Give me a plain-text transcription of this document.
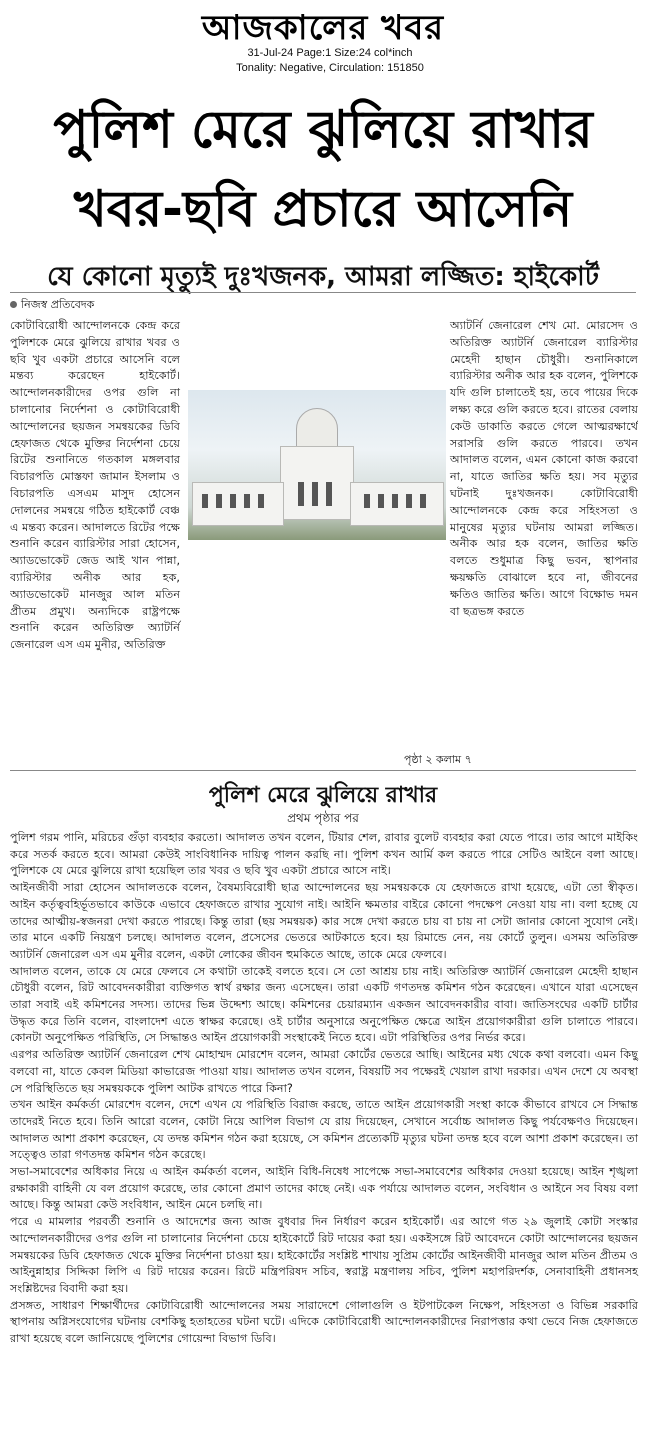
আজকালের খবর
31-Jul-24 Page:1 Size:24 col*inch
Tonality: Negative, Circulation: 151850
পুলিশ মেরে ঝুলিয়ে রাখার
খবর-ছবি প্রচারে আসেনি
যে কোনো মৃত্যুই দুঃখজনক, আমরা লজ্জিত: হাইকোর্ট
নিজস্ব প্রতিবেদক
কোটাবিরোধী আন্দোলনকে কেন্দ্র করে পুলিশকে মেরে ঝুলিয়ে রাখার খবর ও ছবি খুব একটা প্রচারে আসেনি বলে মন্তব্য করেছেন হাইকোর্ট। আন্দোলনকারীদের ওপর গুলি না চালানোর নির্দেশনা ও কোটাবিরোধী আন্দোলনের ছয়জন সমন্বয়কের ডিবি হেফাজত থেকে মুক্তির নির্দেশনা চেয়ে রিটের শুনানিতে গতকাল মঙ্গলবার বিচারপতি মোস্তফা জামান ইসলাম ও বিচারপতি এসএম মাসুদ হোসেন দোলনের সমন্বয়ে গঠিত হাইকোর্ট বেঞ্চ এ মন্তব্য করেন। আদালতে রিটের পক্ষে শুনানি করেন ব্যারিস্টার সারা হোসেন, অ্যাডভোকেট জেড আই খান পান্না, ব্যারিস্টার অনীক আর হক, অ্যাডভোকেট মানজুর আল মতিন প্রীতম প্রমুখ। অন্যদিকে রাষ্ট্রপক্ষে শুনানি করেন অতিরিক্ত অ্যাটর্নি জেনারেল এস এম মুনীর, অতিরিক্ত
অ্যাটর্নি জেনারেল শেখ মো. মোরসেদ ও অতিরিক্ত অ্যাটর্নি জেনারেল ব্যারিস্টার মেহেদী হাছান চৌধুরী। শুনানিকালে ব্যারিস্টার অনীক আর হক বলেন, পুলিশকে যদি গুলি চালাতেই হয়, তবে পায়ের দিকে লক্ষ্য করে গুলি করতে হবে। রাতের বেলায় কেউ ডাকাতি করতে গেলে আত্মরক্ষার্থে সরাসরি গুলি করতে পারবে। তখন আদালত বলেন, এমন কোনো কাজ করবো না, যাতে জাতির ক্ষতি হয়। সব মৃত্যুর ঘটনাই দুঃখজনক। কোটাবিরোধী আন্দোলনকে কেন্দ্র করে সহিংসতা ও মানুষের মৃত্যুর ঘটনায় আমরা লজ্জিত। অনীক আর হক বলেন, জাতির ক্ষতি বলতে শুধুমাত্র কিছু ভবন, স্থাপনার ক্ষয়ক্ষতি বোঝালে হবে না, জীবনের ক্ষতিও জাতির ক্ষতি। আগে বিক্ষোভ দমন বা ছত্রভঙ্গ করতে
পৃষ্ঠা ২ কলাম ৭
পুলিশ মেরে ঝুলিয়ে রাখার
প্রথম পৃষ্ঠার পর

পুলিশ গরম পানি, মরিচের গুঁড়া ব্যবহার করতো। আদালত তখন বলেন, টিয়ার শেল, রাবার বুলেট ব্যবহার করা যেতে পারে। তার আগে মাইকিং করে সতর্ক করতে হবে। আমরা কেউই সাংবিধানিক দায়িত্ব পালন করছি না। পুলিশ কখন আর্মি কল করতে পারে সেটিও আইনে বলা আছে। পুলিশকে যে মেরে ঝুলিয়ে রাখা হয়েছিল তার খবর ও ছবি খুব একটা প্রচারে আসে নাই।

আইনজীবী সারা হোসেন আদালতকে বলেন, বৈষম্যবিরোধী ছাত্র আন্দোলনের ছয় সমন্বয়ককে যে হেফাজতে রাখা হয়েছে, এটা তো স্বীকৃত। আইন কর্তৃত্ববহির্ভূতভাবে কাউকে এভাবে হেফাজতে রাখার সুযোগ নাই। আইনি ক্ষমতার বাইরে কোনো পদক্ষেপ নেওয়া যায় না। বলা হচ্ছে যে তাদের আত্মীয়-স্বজনরা দেখা করতে পারছে। কিন্তু তারা (ছয় সমন্বয়ক) কার সঙ্গে দেখা করতে চায় বা চায় না সেটা জানার কোনো সুযোগ নেই। তার মানে একটি নিয়ন্ত্রণ চলছে। আদালত বলেন, প্রসেসের ভেতরে আটকাতে হবে। হয় রিমান্ডে নেন, নয় কোর্টে তুলুন। এসময় অতিরিক্ত অ্যাটর্নি জেনারেল এস এম মুনীর বলেন, একটা লোকের জীবন হুমকিতে আছে, তাকে মেরে ফেলবে।

আদালত বলেন, তাকে যে মেরে ফেলবে সে কথাটা তাকেই বলতে হবে। সে তো আশ্রয় চায় নাই। অতিরিক্ত অ্যাটর্নি জেনারেল মেহেদী হাছান চৌধুরী বলেন, রিট আবেদনকারীরা ব্যক্তিগত স্বার্থ রক্ষার জন্য এসেছেন। তারা একটি গণতদন্ত কমিশন গঠন করেছেন। এখানে যারা এসেছেন তারা সবাই এই কমিশনের সদস্য। তাদের ভিন্ন উদ্দেশ্য আছে। কমিশনের চেয়ারম্যান একজন আবেদনকারীর বাবা। জাতিসংঘের একটি চার্টার উদ্ধৃত করে তিনি বলেন, বাংলাদেশ এতে স্বাক্ষর করেছে। ওই চার্টার অনুসারে অনুপেক্ষিত ক্ষেত্রে আইন প্রয়োগকারীরা গুলি চালাতে পারবে। কোনটা অনুপেক্ষিত পরিস্থিতি, সে সিদ্ধান্তও আইন প্রয়োগকারী সংস্থাকেই নিতে হবে। এটা পরিস্থিতির ওপর নির্ভর করে।

এরপর অতিরিক্ত অ্যাটর্নি জেনারেল শেখ মোহাম্মদ মোরশেদ বলেন, আমরা কোর্টের ভেতরে আছি। আইনের মধ্য থেকে কথা বলবো। এমন কিছু বলবো না, যাতে কেবল মিডিয়া কাভারেজ পাওয়া যায়। আদালত তখন বলেন, বিষয়টি সব পক্ষেরই খেয়াল রাখা দরকার। এখন দেশে যে অবস্থা সে পরিস্থিতিতে ছয় সমন্বয়ককে পুলিশ আটক রাখতে পারে কিনা?

তখন আইন কর্মকর্তা মোরশেদ বলেন, দেশে এখন যে পরিস্থিতি বিরাজ করছে, তাতে আইন প্রয়োগকারী সংস্থা কাকে কীভাবে রাখবে সে সিদ্ধান্ত তাদেরই নিতে হবে। তিনি আরো বলেন, কোটা নিয়ে আপিল বিভাগ যে রায় দিয়েছেন, সেখানে সর্বোচ্চ আদালত কিছু পর্যবেক্ষণও দিয়েছেন। আদালত আশা প্রকাশ করেছেন, যে তদন্ত কমিশন গঠন করা হয়েছে, সে কমিশন প্রত্যেকটি মৃত্যুর ঘটনা তদন্ত হবে বলে আশা প্রকাশ করেছেন। তা সত্ত্বেও তারা গণতদন্ত কমিশন গঠন করেছে।

সভা-সমাবেশের অধিকার নিয়ে এ আইন কর্মকর্তা বলেন, আইনি বিধি-নিষেধ সাপেক্ষে সভা-সমাবেশের অধিকার দেওয়া হয়েছে। আইন শৃঙ্খলা রক্ষাকারী বাহিনী যে বল প্রয়োগ করেছে, তার কোনো প্রমাণ তাদের কাছে নেই। এক পর্যায়ে আদালত বলেন, সংবিধান ও আইনে সব বিষয় বলা আছে। কিন্তু আমরা কেউ সংবিধান, আইন মেনে চলছি না।

পরে এ মামলার পরবর্তী শুনানি ও আদেশের জন্য আজ বুধবার দিন নির্ধারণ করেন হাইকোর্ট। এর আগে গত ২৯ জুলাই কোটা সংস্কার আন্দোলনকারীদের ওপর গুলি না চালানোর নির্দেশনা চেয়ে হাইকোর্টে রিট দায়ের করা হয়। একইসঙ্গে রিট আবেদনে কোটা আন্দোলনের ছয়জন সমন্বয়কের ডিবি হেফাজত থেকে মুক্তির নির্দেশনা চাওয়া হয়। হাইকোর্টের সংশ্লিষ্ট শাখায় সুপ্রিম কোর্টের আইনজীবী মানজুর আল মতিন প্রীতম ও আইনুন্নাহার সিদ্দিকা লিপি এ রিট দায়ের করেন। রিটে মন্ত্রিপরিষদ সচিব, স্বরাষ্ট্র মন্ত্রণালয় সচিব, পুলিশ মহাপরিদর্শক, সেনাবাহিনী প্রধানসহ সংশ্লিষ্টদের বিবাদী করা হয়।

প্রসঙ্গত, সাধারণ শিক্ষার্থীদের কোটাবিরোধী আন্দোলনের সময় সারাদেশে গোলাগুলি ও ইটপাটকেল নিক্ষেপ, সহিংসতা ও বিভিন্ন সরকারি স্থাপনায় অগ্নিসংযোগের ঘটনায় বেশকিছু হতাহতের ঘটনা ঘটে। এদিকে কোটাবিরোধী আন্দোলনকারীদের নিরাপত্তার কথা ভেবে নিজ হেফাজতে রাখা হয়েছে বলে জানিয়েছে পুলিশের গোয়েন্দা বিভাগ ডিবি।
